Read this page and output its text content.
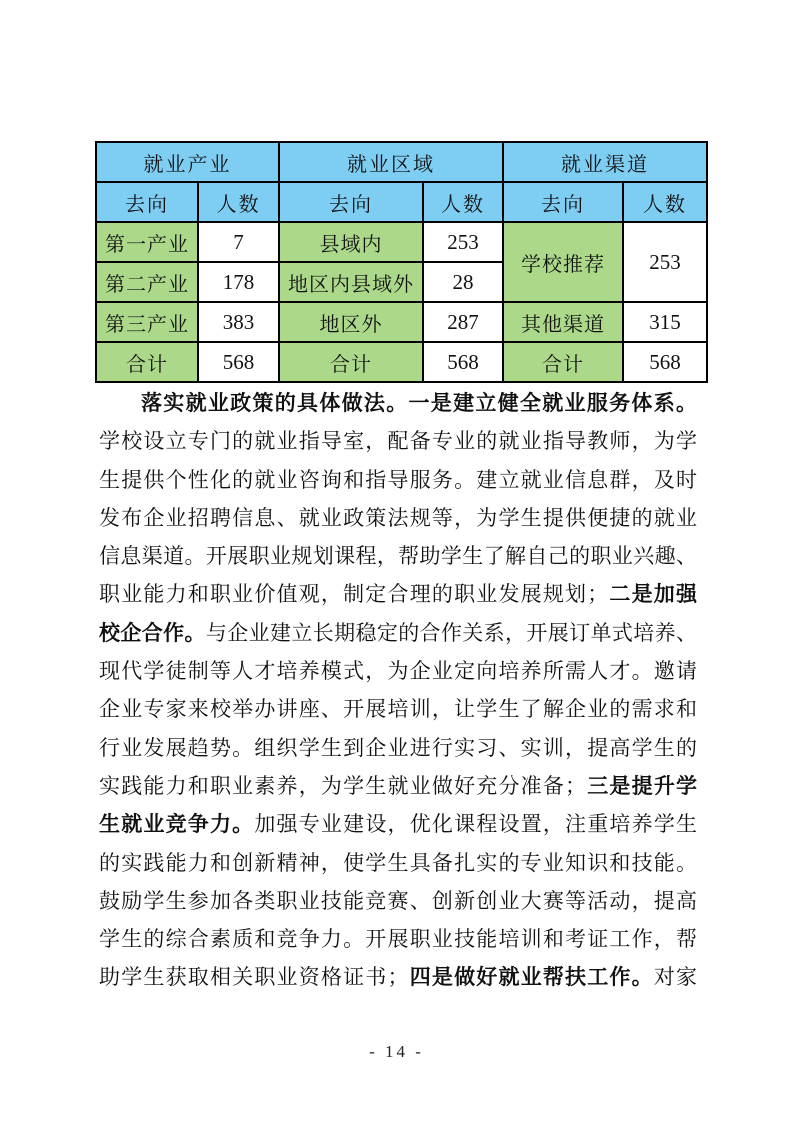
就业产业		就业区域		就业渠道	
去向	人数	去向	人数	去向	人数
第一产业	7	县域内	253	学校推荐	253
第二产业	178	地区内县域外	28		
第三产业	383	地区外	287	其他渠道	315
合计	568	合计	568	合计	568
落实就业政策的具体做法。一是建立健全就业服务体系。
学校设立专门的就业指导室，配备专业的就业指导教师，为学
生提供个性化的就业咨询和指导服务。建立就业信息群，及时
发布企业招聘信息、就业政策法规等，为学生提供便捷的就业
信息渠道。开展职业规划课程，帮助学生了解自己的职业兴趣、
职业能力和职业价值观，制定合理的职业发展规划；二是加强
校企合作。与企业建立长期稳定的合作关系，开展订单式培养、
现代学徒制等人才培养模式，为企业定向培养所需人才。邀请
企业专家来校举办讲座、开展培训，让学生了解企业的需求和
行业发展趋势。组织学生到企业进行实习、实训，提高学生的
实践能力和职业素养，为学生就业做好充分准备；三是提升学
生就业竞争力。加强专业建设，优化课程设置，注重培养学生
的实践能力和创新精神，使学生具备扎实的专业知识和技能。
鼓励学生参加各类职业技能竞赛、创新创业大赛等活动，提高
学生的综合素质和竞争力。开展职业技能培训和考证工作，帮
助学生获取相关职业资格证书；四是做好就业帮扶工作。对家
- 14 -
